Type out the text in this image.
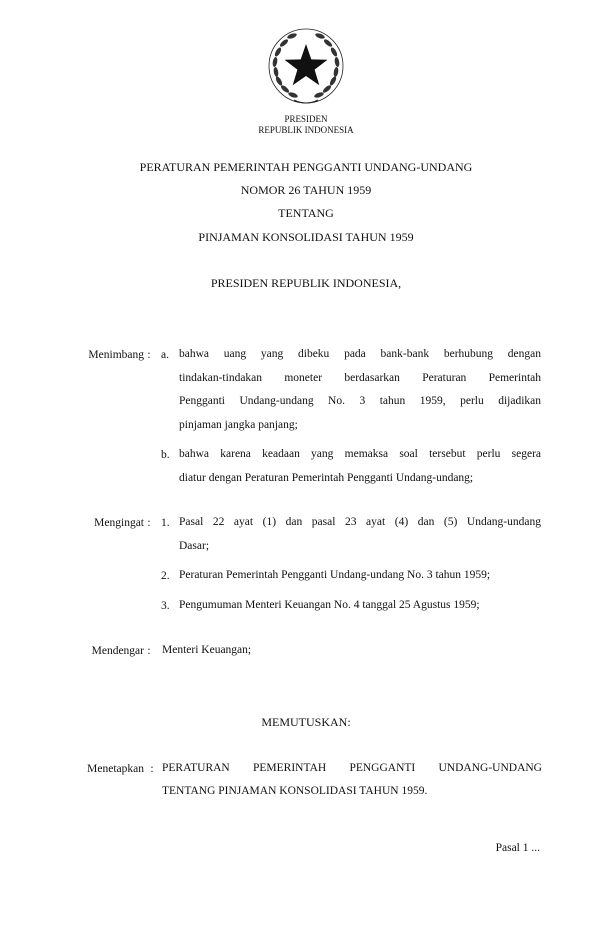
PRESIDEN
REPUBLIK INDONESIA
PERATURAN PEMERINTAH PENGGANTI UNDANG-UNDANG
NOMOR 26 TAHUN 1959
TENTANG
PINJAMAN KONSOLIDASI TAHUN 1959
PRESIDEN REPUBLIK INDONESIA,
Menimbang : a. bahwa uang yang dibeku pada bank-bank berhubung dengan
tindakan-tindakan moneter berdasarkan Peraturan Pemerintah
Pengganti Undang-undang No. 3 tahun 1959, perlu dijadikan
pinjaman jangka panjang;
b. bahwa karena keadaan yang memaksa soal tersebut perlu segera
diatur dengan Peraturan Pemerintah Pengganti Undang-undang;
Mengingat : 1. Pasal 22 ayat (1) dan pasal 23 ayat (4) dan (5) Undang-undang
Dasar;
2. Peraturan Pemerintah Pengganti Undang-undang No. 3 tahun 1959;
3. Pengumuman Menteri Keuangan No. 4 tanggal 25 Agustus 1959;
Mendengar : Menteri Keuangan;
MEMUTUSKAN:
Menetapkan : PERATURAN PEMERINTAH PENGGANTI UNDANG-UNDANG
TENTANG PINJAMAN KONSOLIDASI TAHUN 1959.
Pasal 1 ...
